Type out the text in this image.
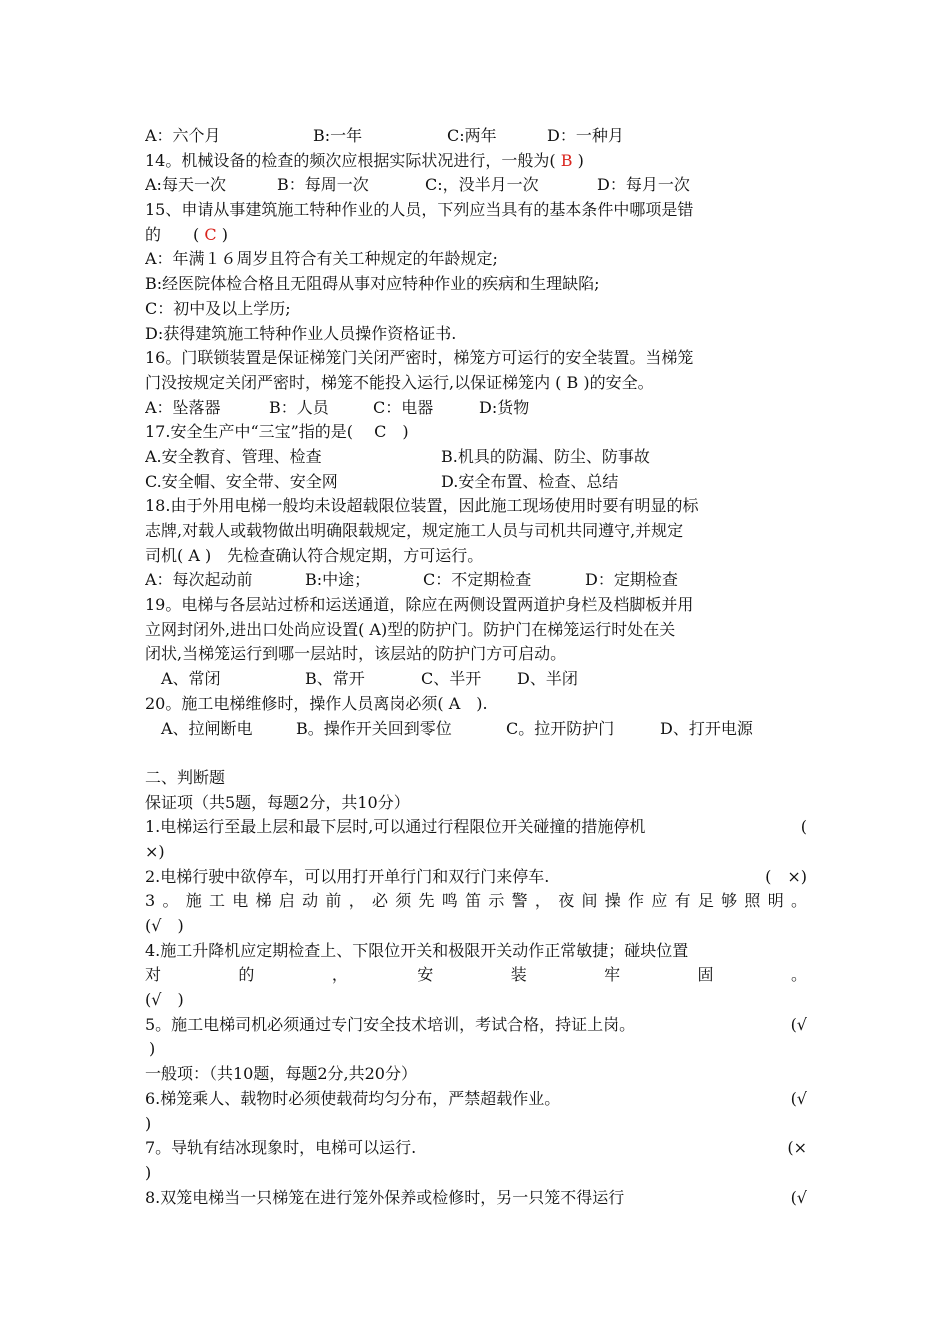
A：六个月	B:一年	C:两年	D：一种月
14。机械设备的检查的频次应根据实际状况进行，一般为( B )
A:每天一次	B：每周一次	C:，没半月一次	D：每月一次
15、申请从事建筑施工特种作业的人员，下列应当具有的基本条件中哪项是错
的　　( C )
A：年满１６周岁且符合有关工种规定的年龄规定;
B:经医院体检合格且无阻碍从事对应特种作业的疾病和生理缺陷;
C：初中及以上学历;
D:获得建筑施工特种作业人员操作资格证书.
16。门联锁装置是保证梯笼门关闭严密时，梯笼方可运行的安全装置。当梯笼
门没按规定关闭严密时，梯笼不能投入运行,以保证梯笼内 ( B )的安全。
A：坠落器	B：人员	C：电器	D:货物
17.安全生产中“三宝”指的是(　 C　)
A.安全教育、管理、检查	B.机具的防漏、防尘、防事故
C.安全帽、安全带、安全网	D.安全布置、检查、总结
18.由于外用电梯一般均未设超载限位装置，因此施工现场使用时要有明显的标
志牌,对载人或载物做出明确限载规定，规定施工人员与司机共同遵守,并规定
司机( A )　先检查确认符合规定期，方可运行。
A：每次起动前	B:中途；	C：不定期检查	D：定期检查
19。电梯与各层站过桥和运送通道，除应在两侧设置两道护身栏及档脚板并用
立网封闭外,进出口处尚应设置( A)型的防护门。防护门在梯笼运行时处在关
闭状,当梯笼运行到哪一层站时，该层站的防护门方可启动。
A、常闭	B、常开	C、半开	D、半闭
20。施工电梯维修时，操作人员离岗必须( A　).
A、拉闸断电	B。操作开关回到零位	C。拉开防护门	D、打开电源
二、判断题
保证项（共5题，每题2分，共10分）
1.电梯运行至最上层和最下层时,可以通过行程限位开关碰撞的措施停机	(
×)
2.电梯行驶中欲停车，可以用打开单行门和双行门来停车.	(　×)
3。施工电梯启动前，必须先鸣笛示警，夜间操作应有足够照明。
(√　)
4.施工升降机应定期检查上、下限位开关和极限开关动作正常敏捷；碰块位置
对　　　的　　　，　　　安　　　装　　　牢　　　固　　　。
(√　)
5。施工电梯司机必须通过专门安全技术培训，考试合格，持证上岗。	(√
)
一般项：（共10题，每题2分,共20分）
6.梯笼乘人、载物时必须使载荷均匀分布，严禁超载作业。	(√
)
7。导轨有结冰现象时，电梯可以运行.	(×
)
8.双笼电梯当一只梯笼在进行笼外保养或检修时，另一只笼不得运行	(√
